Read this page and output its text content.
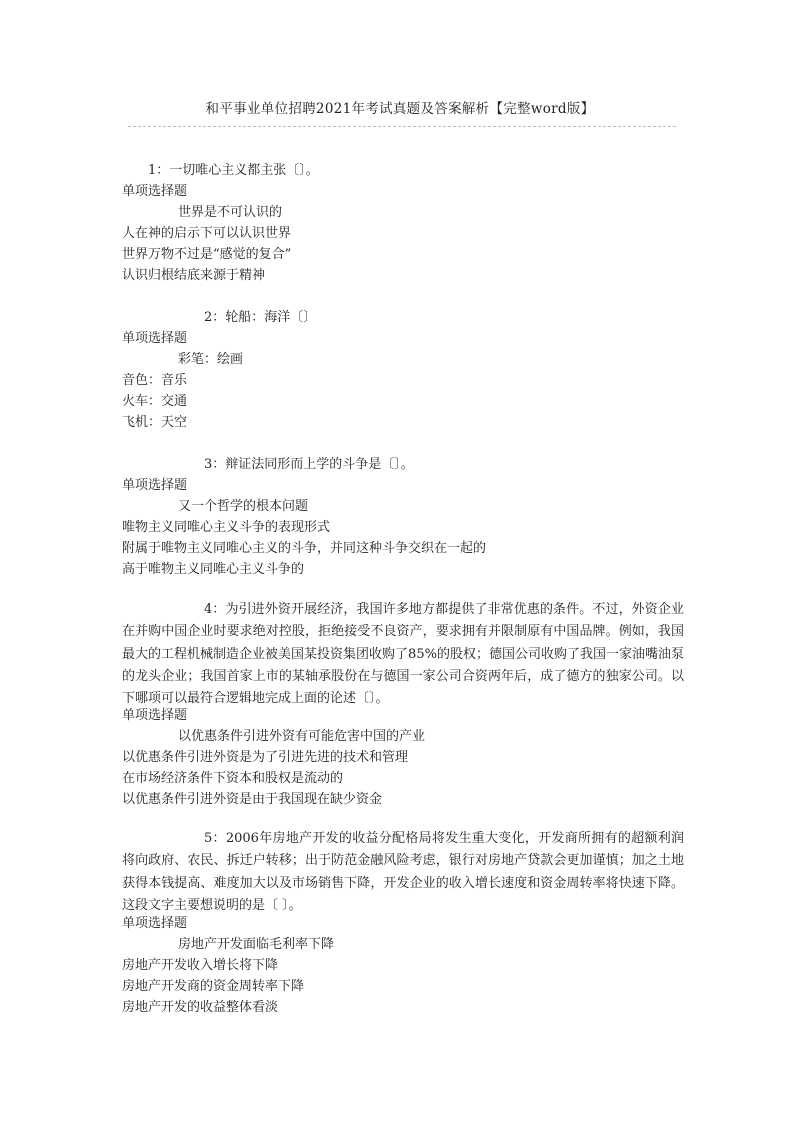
和平事业单位招聘2021年考试真题及答案解析【完整word版】
1：一切唯心主义都主张〔〕。
单项选择题
世界是不可认识的
人在神的启示下可以认识世界
世界万物不过是“感觉的复合”
认识归根结底来源于精神
2：轮船：海洋〔〕
单项选择题
彩笔：绘画
音色：音乐
火车：交通
飞机：天空
3：辩证法同形而上学的斗争是〔〕。
单项选择题
又一个哲学的根本问题
唯物主义同唯心主义斗争的表现形式
附属于唯物主义同唯心主义的斗争，并同这种斗争交织在一起的
高于唯物主义同唯心主义斗争的
4：为引进外资开展经济，我国许多地方都提供了非常优惠的条件。不过，外资企业在并购中国企业时要求绝对控股，拒绝接受不良资产，要求拥有并限制原有中国品牌。例如，我国最大的工程机械制造企业被美国某投资集团收购了85%的股权；德国公司收购了我国一家油嘴油泵的龙头企业；我国首家上市的某轴承股份在与德国一家公司合资两年后，成了德方的独家公司。以下哪项可以最符合逻辑地完成上面的论述〔〕。
单项选择题
以优惠条件引进外资有可能危害中国的产业
以优惠条件引进外资是为了引进先进的技术和管理
在市场经济条件下资本和股权是流动的
以优惠条件引进外资是由于我国现在缺少资金
5：2006年房地产开发的收益分配格局将发生重大变化，开发商所拥有的超额利润将向政府、农民、拆迁户转移；出于防范金融风险考虑，银行对房地产贷款会更加谨慎；加之土地获得本钱提高、难度加大以及市场销售下降，开发企业的收入增长速度和资金周转率将快速下降。这段文字主要想说明的是〔 〕。
单项选择题
房地产开发面临毛利率下降
房地产开发收入增长将下降
房地产开发商的资金周转率下降
房地产开发的收益整体看淡
